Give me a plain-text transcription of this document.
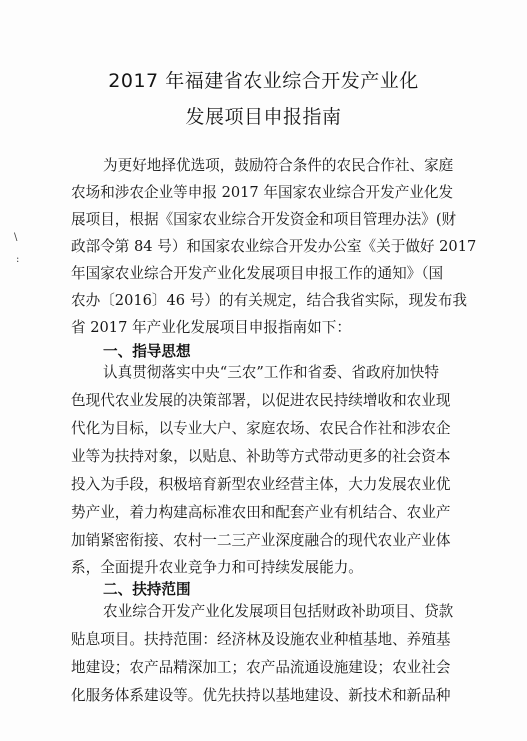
2017 年福建省农业综合开发产业化
发展项目申报指南
为更好地择优选项，鼓励符合条件的农民合作社、家庭
农场和涉农企业等申报 2017 年国家农业综合开发产业化发
展项目，根据《国家农业综合开发资金和项目管理办法》(财
政部令第 84 号）和国家农业综合开发办公室《关于做好 2017
年国家农业综合开发产业化发展项目申报工作的通知》（国
农办〔2016〕46 号）的有关规定，结合我省实际，现发布我
省 2017 年产业化发展项目申报指南如下：
一、指导思想
认真贯彻落实中央“三农”工作和省委、省政府加快特
色现代农业发展的决策部署，以促进农民持续增收和农业现
代化为目标，以专业大户、家庭农场、农民合作社和涉农企
业等为扶持对象，以贴息、补助等方式带动更多的社会资本
投入为手段，积极培育新型农业经营主体，大力发展农业优
势产业，着力构建高标准农田和配套产业有机结合、农业产
加销紧密衔接、农村一二三产业深度融合的现代农业产业体
系，全面提升农业竞争力和可持续发展能力。
二、扶持范围
农业综合开发产业化发展项目包括财政补助项目、贷款
贴息项目。扶持范围：经济林及设施农业种植基地、养殖基
地建设；农产品精深加工；农产品流通设施建设；农业社会
化服务体系建设等。优先扶持以基地建设、新技术和新品种
\
:
